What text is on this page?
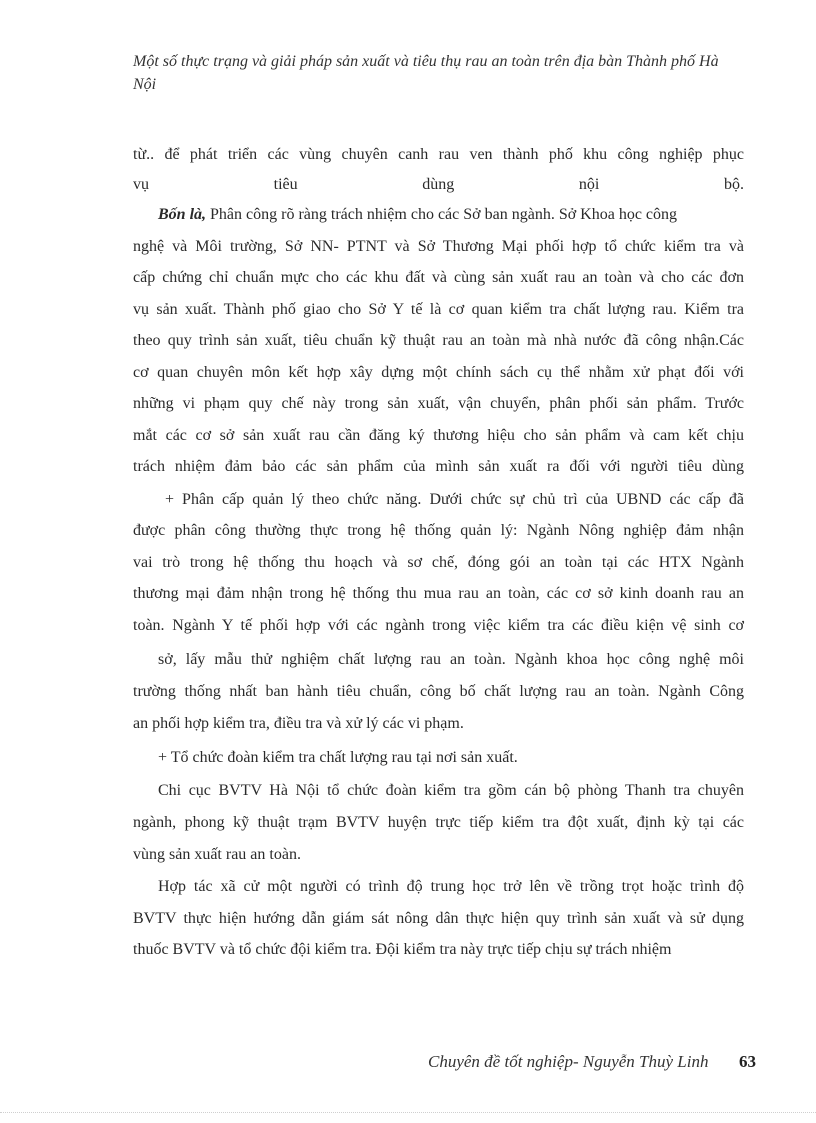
Một số thực trạng và giải pháp sản xuất và tiêu thụ rau an toàn trên địa bàn Thành phố Hà Nội
từ.. để phát triển các vùng chuyên canh rau ven thành phố khu công nghiệp phục
vụ tiêu dùng nội bộ.
Bốn là, Phân công rõ ràng trách nhiệm cho các Sở ban ngành. Sở Khoa học công
nghệ và Môi trường, Sở NN- PTNT và Sở Thương Mại phối hợp tổ chức kiểm tra và
cấp chứng chỉ chuẩn mực cho các khu đất và cùng sản xuất rau an toàn và cho các đơn
vụ sản xuất. Thành phố giao cho Sở Y tế là cơ quan kiểm tra chất lượng rau. Kiểm tra
theo quy trình sản xuất, tiêu chuẩn kỹ thuật rau an toàn mà nhà nước đã công nhận.Các
cơ quan chuyên môn kết hợp xây dựng một chính sách cụ thể nhằm xử phạt đối với
những vi phạm quy chế này trong sản xuất, vận chuyển, phân phối sản phẩm. Trước
mắt các cơ sở sản xuất rau cần đăng ký thương hiệu cho sản phẩm và cam kết chịu
trách nhiệm đảm bảo các sản phẩm của mình sản xuất ra đối với người tiêu dùng
+ Phân cấp quản lý theo chức năng. Dưới chức sự chủ trì của UBND các cấp đã
được phân công thường thực trong hệ thống quản lý: Ngành Nông nghiệp đảm nhận
vai trò trong hệ thống thu hoạch và sơ chế, đóng gói an toàn tại các HTX Ngành
thương mại đảm nhận trong hệ thống thu mua rau an toàn, các cơ sở kinh doanh rau an
toàn. Ngành Y tế phối hợp với các ngành trong việc kiểm tra các điều kiện vệ sinh cơ
sở, lấy mẫu thử nghiệm chất lượng rau an toàn. Ngành khoa học công nghệ môi
trường thống nhất ban hành tiêu chuẩn, công bố chất lượng rau an toàn. Ngành Công
an phối hợp kiểm tra, điều tra và xử lý các vi phạm.
+ Tổ chức đoàn kiểm tra chất lượng rau tại nơi sản xuất.
Chi cục BVTV Hà Nội tổ chức đoàn kiểm tra gồm cán bộ phòng Thanh tra chuyên
ngành, phong kỹ thuật trạm BVTV huyện trực tiếp kiểm tra đột xuất, định kỳ tại các
vùng sản xuất rau an toàn.
Hợp tác xã cử một người có trình độ trung học trở lên về trồng trọt hoặc trình độ
BVTV thực hiện hướng dẫn giám sát nông dân thực hiện quy trình sản xuất và sử dụng
thuốc BVTV và tổ chức đội kiểm tra. Đội kiểm tra này trực tiếp chịu sự trách nhiệm
Chuyên đề tốt nghiệp- Nguyễn Thuỳ Linh 63
